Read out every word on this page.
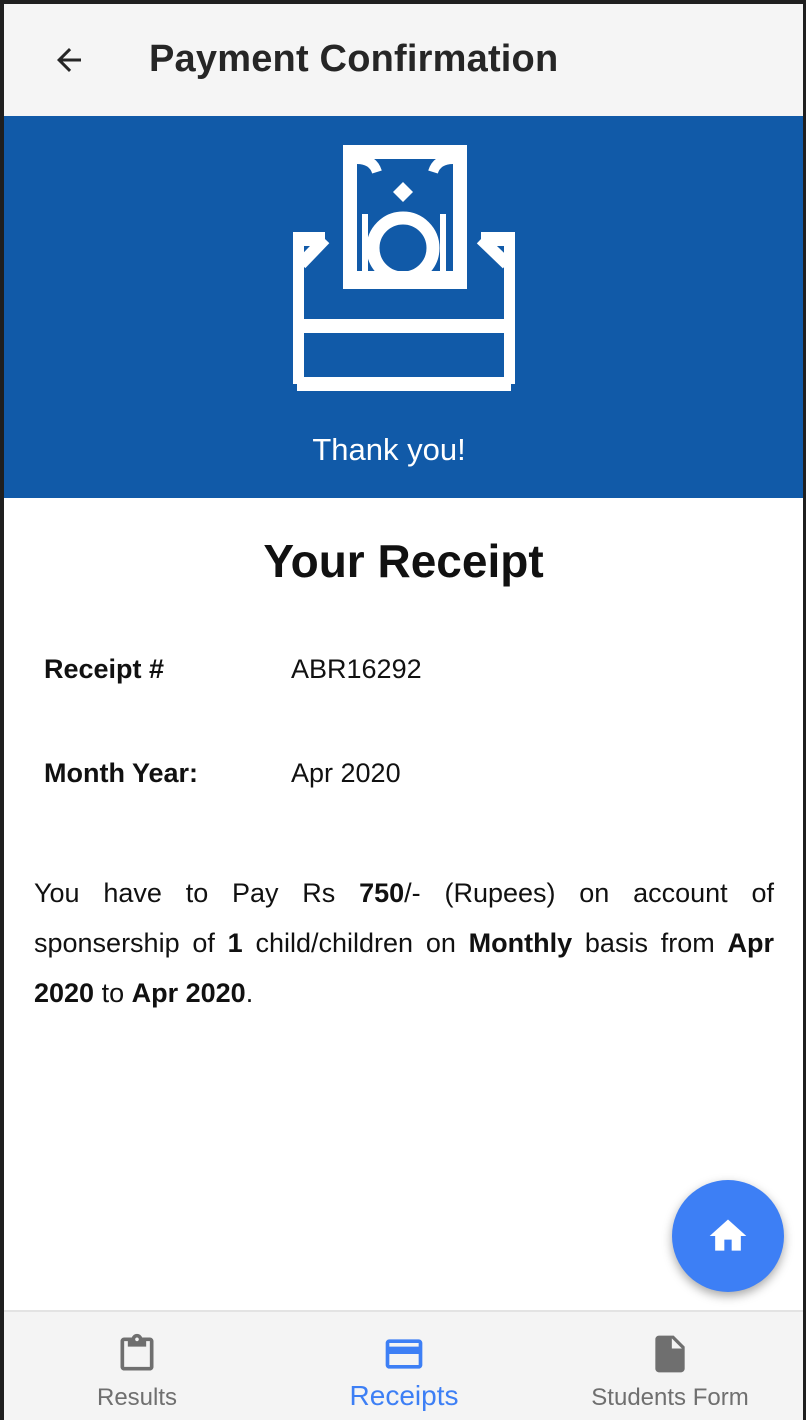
Payment Confirmation
Thank you!
Your Receipt
Receipt #	ABR16292
Month Year:	Apr 2020
You have to Pay Rs 750/- (Rupees) on account of sponsership of 1 child/children on Monthly basis from Apr 2020 to Apr 2020.
Results	Receipts	Students Form
